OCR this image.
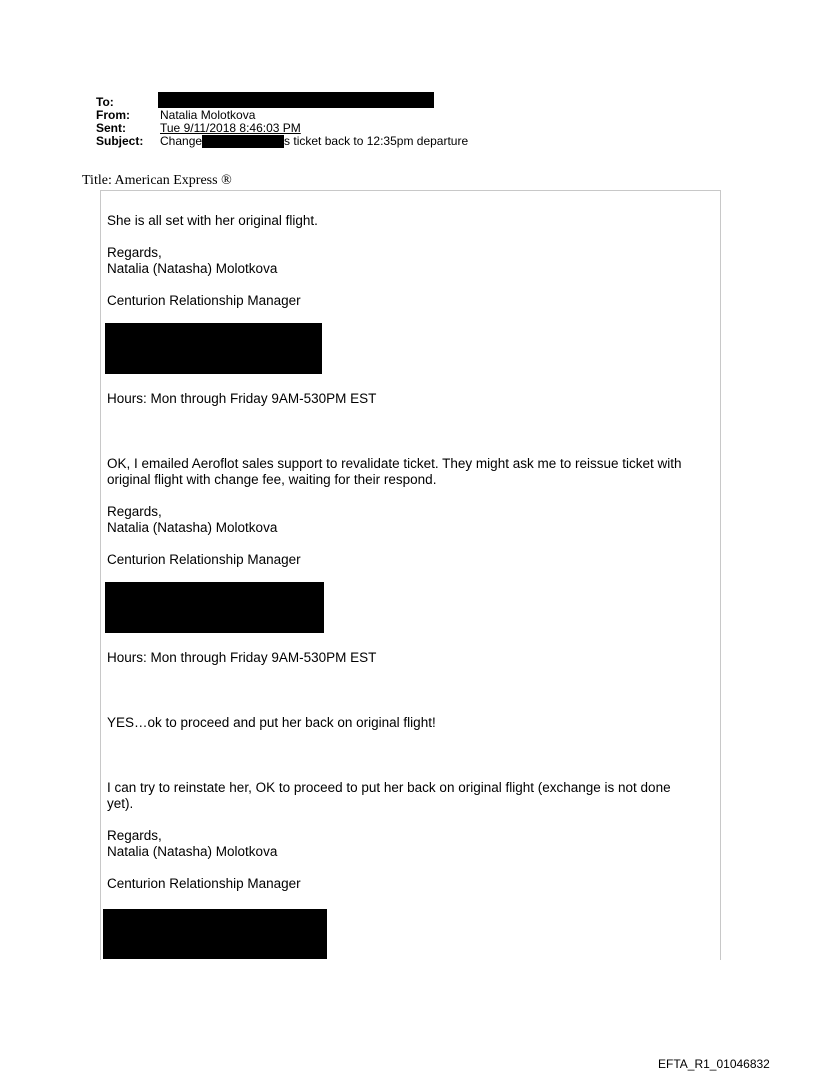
To:
From:	Natalia Molotkova
Sent:	Tue 9/11/2018 8:46:03 PM
Subject: Change	s ticket back to 12:35pm departure
Title: American Express ®
She is all set with her original flight.
Regards,
Natalia (Natasha) Molotkova
Centurion Relationship Manager
Hours: Mon through Friday 9AM-530PM EST
OK, I emailed Aeroflot sales support to revalidate ticket. They might ask me to reissue ticket with
original flight with change fee, waiting for their respond.
Regards,
Natalia (Natasha) Molotkova
Centurion Relationship Manager
Hours: Mon through Friday 9AM-530PM EST
YES…ok to proceed and put her back on original flight!
I can try to reinstate her, OK to proceed to put her back on original flight (exchange is not done
yet).
Regards,
Natalia (Natasha) Molotkova
Centurion Relationship Manager
EFTA_R1_01046832
